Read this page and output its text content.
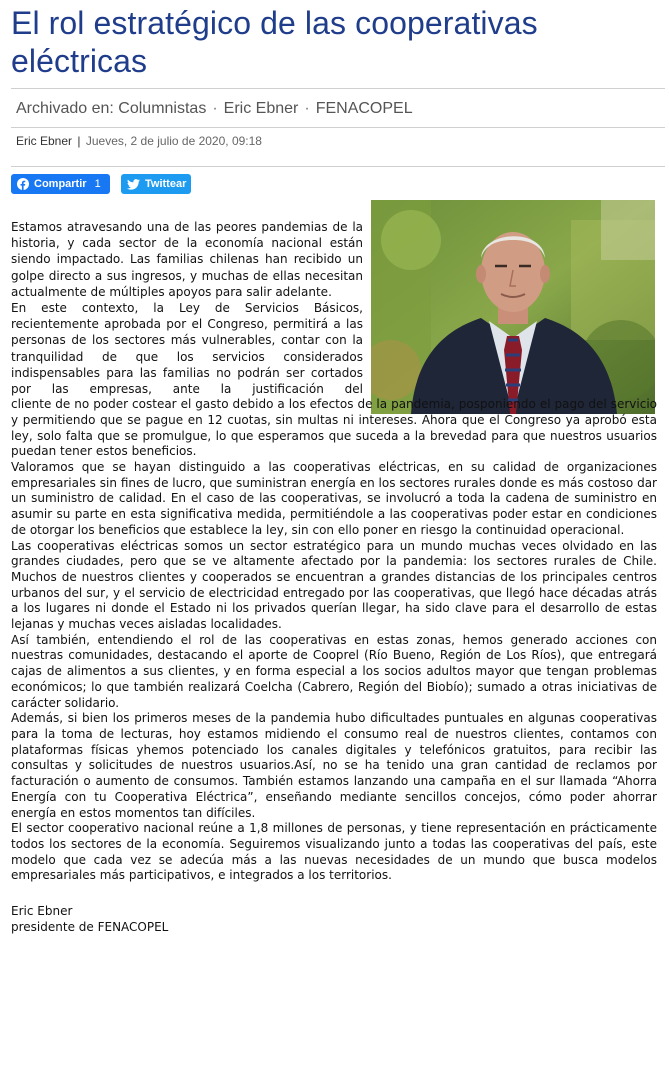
El rol estratégico de las cooperativas eléctricas
Archivado en:
Columnistas · Eric Ebner · FENACOPEL
Eric Ebner | Jueves, 2 de julio de 2020, 09:18
Compartir 1	Twittear

Estamos atravesando una de las peores pandemias de la historia, y cada sector de la economía nacional están siendo impactado. Las familias chilenas han recibido un golpe directo a sus ingresos, y muchas de ellas necesitan actualmente de múltiples apoyos para salir adelante.

En este contexto, la Ley de Servicios Básicos, recientemente aprobada por el Congreso, permitirá a las personas de los sectores más vulnerables, contar con la tranquilidad de que los servicios considerados indispensables para las familias no podrán ser cortados por las empresas, ante la justificación del
cliente de no poder costear el gasto debido a los efectos de la pandemia, posponiendo el pago del servicio y permitiendo que se pague en 12 cuotas, sin multas ni intereses. Ahora que el Congreso ya aprobó esta ley, solo falta que se promulgue, lo que esperamos que suceda a la brevedad para que nuestros usuarios puedan tener estos beneficios.

Valoramos que se hayan distinguido a las cooperativas eléctricas, en su calidad de organizaciones empresariales sin fines de lucro, que suministran energía en los sectores rurales donde es más costoso dar un suministro de calidad. En el caso de las cooperativas, se involucró a toda la cadena de suministro en asumir su parte en esta significativa medida, permitiéndole a las cooperativas poder estar en condiciones de otorgar los beneficios que establece la ley, sin con ello poner en riesgo la continuidad operacional.

Las cooperativas eléctricas somos un sector estratégico para un mundo muchas veces olvidado en las grandes ciudades, pero que se ve altamente afectado por la pandemia: los sectores rurales de Chile. Muchos de nuestros clientes y cooperados se encuentran a grandes distancias de los principales centros urbanos del sur, y el servicio de electricidad entregado por las cooperativas, que llegó hace décadas atrás a los lugares ni donde el Estado ni los privados querían llegar, ha sido clave para el desarrollo de estas lejanas y muchas veces aisladas localidades.

Así también, entendiendo el rol de las cooperativas en estas zonas, hemos generado acciones con nuestras comunidades, destacando el aporte de Cooprel (Río Bueno, Región de Los Ríos), que entregará cajas de alimentos a sus clientes, y en forma especial a los socios adultos mayor que tengan problemas económicos; lo que también realizará Coelcha (Cabrero, Región del Biobío); sumado a otras iniciativas de carácter solidario.

Además, si bien los primeros meses de la pandemia hubo dificultades puntuales en algunas cooperativas para la toma de lecturas, hoy estamos midiendo el consumo real de nuestros clientes, contamos con plataformas físicas yhemos potenciado los canales digitales y telefónicos gratuitos, para recibir las consultas y solicitudes de nuestros usuarios.Así, no se ha tenido una gran cantidad de reclamos por facturación o aumento de consumos. También estamos lanzando una campaña en el sur llamada “Ahorra Energía con tu Cooperativa Eléctrica”, enseñando mediante sencillos concejos, cómo poder ahorrar energía en estos momentos tan difíciles.

El sector cooperativo nacional reúne a 1,8 millones de personas, y tiene representación en prácticamente todos los sectores de la economía. Seguiremos visualizando junto a todas las cooperativas del país, este modelo que cada vez se adecúa más a las nuevas necesidades de un mundo que busca modelos empresariales más participativos, e integrados a los territorios.

Eric Ebner

presidente de FENACOPEL
